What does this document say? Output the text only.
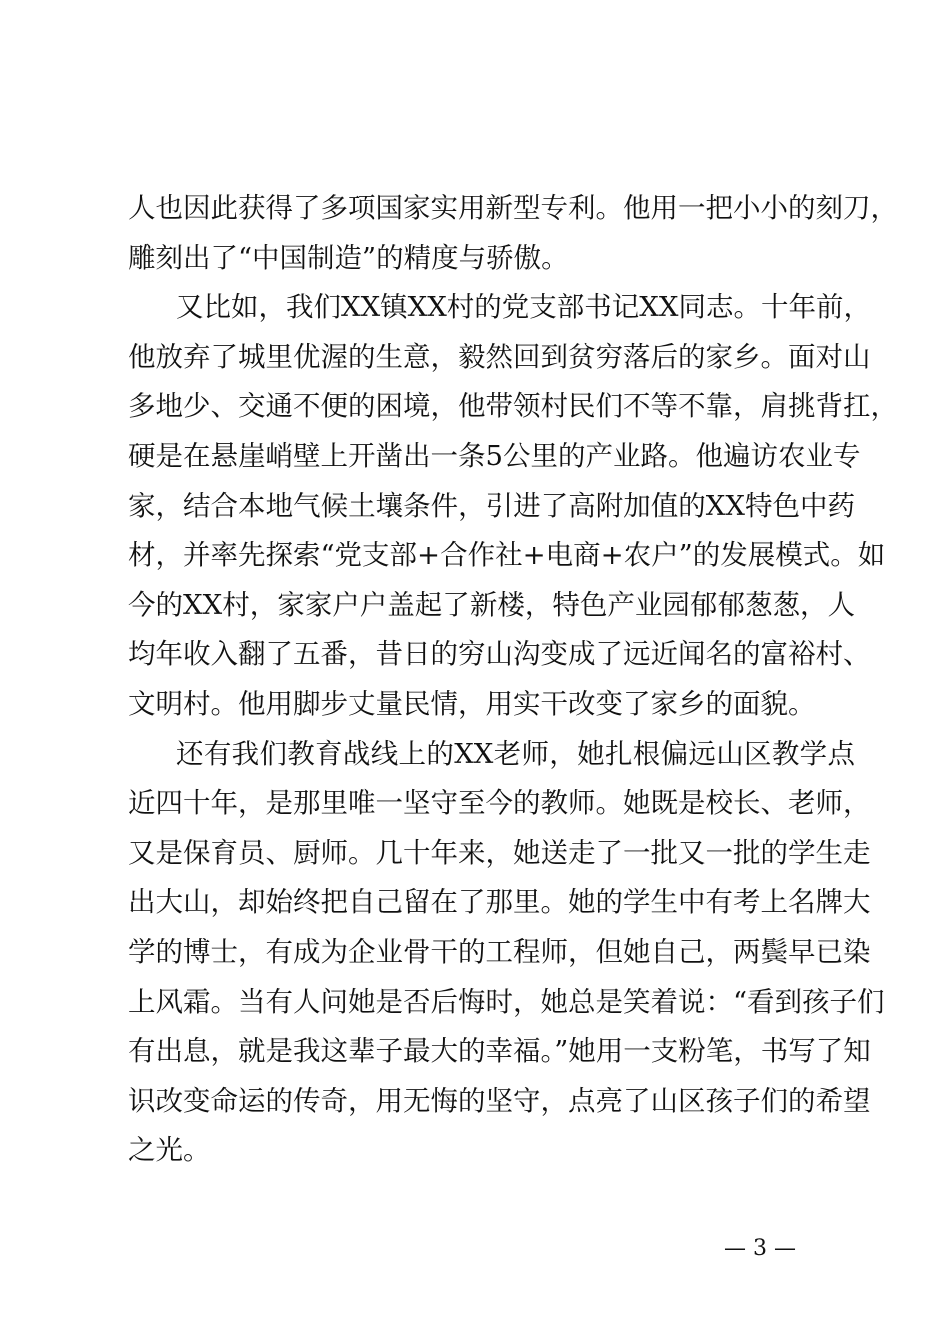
人也因此获得了多项国家实用新型专利。他用一把小小的刻刀，
雕刻出了“中国制造”的精度与骄傲。
又比如，我们XX镇XX村的党支部书记XX同志。十年前，
他放弃了城里优渥的生意，毅然回到贫穷落后的家乡。面对山
多地少、交通不便的困境，他带领村民们不等不靠，肩挑背扛，
硬是在悬崖峭壁上开凿出一条5公里的产业路。他遍访农业专
家，结合本地气候土壤条件，引进了高附加值的XX特色中药
材，并率先探索“党支部+合作社+电商+农户”的发展模式。如
今的XX村，家家户户盖起了新楼，特色产业园郁郁葱葱，人
均年收入翻了五番，昔日的穷山沟变成了远近闻名的富裕村、
文明村。他用脚步丈量民情，用实干改变了家乡的面貌。
还有我们教育战线上的XX老师，她扎根偏远山区教学点
近四十年，是那里唯一坚守至今的教师。她既是校长、老师，
又是保育员、厨师。几十年来，她送走了一批又一批的学生走
出大山，却始终把自己留在了那里。她的学生中有考上名牌大
学的博士，有成为企业骨干的工程师，但她自己，两鬓早已染
上风霜。当有人问她是否后悔时，她总是笑着说：“看到孩子们
有出息，就是我这辈子最大的幸福。”她用一支粉笔，书写了知
识改变命运的传奇，用无悔的坚守，点亮了山区孩子们的希望
之光。
— 3 —
